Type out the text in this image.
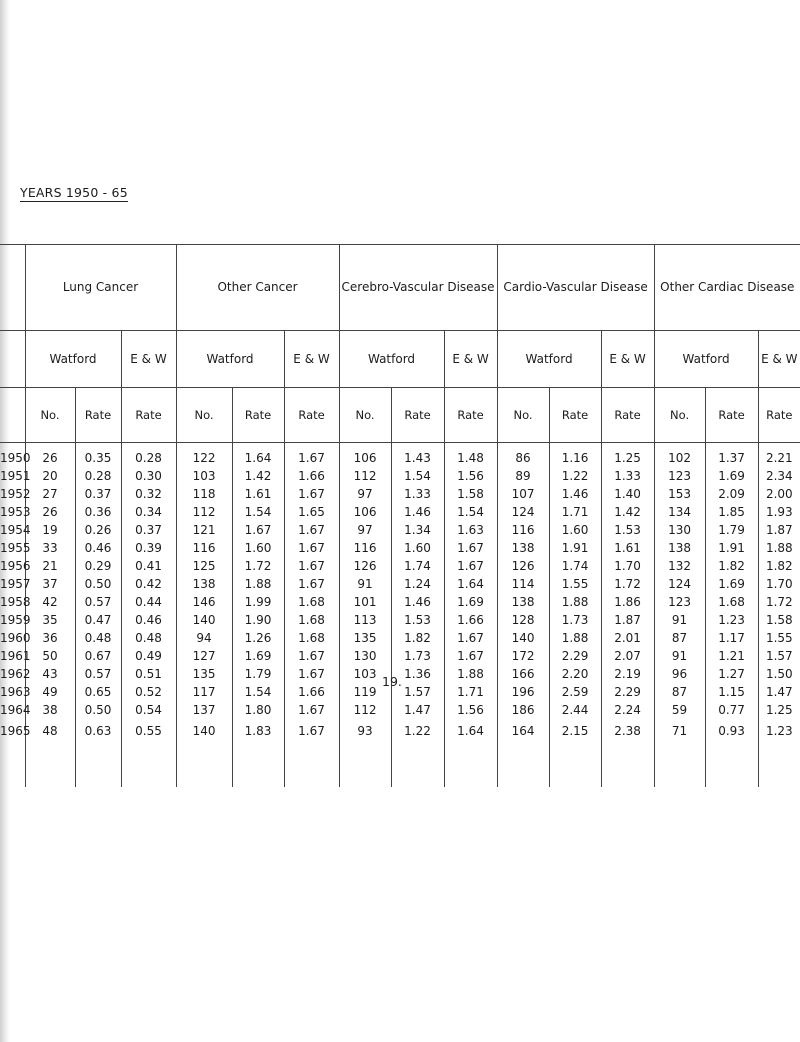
YEARS 1950 - 65
	Lung Cancer			Other Cancer			Cerebro-Vascular Disease			Cardio-Vascular Disease			Other Cardiac Disease		
	Watford		E & W	Watford		E & W	Watford		E & W	Watford		E & W	Watford		E & W
	No.	Rate	Rate	No.	Rate	Rate	No.	Rate	Rate	No.	Rate	Rate	No.	Rate	Rate
1950	26	0.35	0.28	122	1.64	1.67	106	1.43	1.48	86	1.16	1.25	102	1.37	2.21
1951	20	0.28	0.30	103	1.42	1.66	112	1.54	1.56	89	1.22	1.33	123	1.69	2.34
1952	27	0.37	0.32	118	1.61	1.67	97	1.33	1.58	107	1.46	1.40	153	2.09	2.00
1953	26	0.36	0.34	112	1.54	1.65	106	1.46	1.54	124	1.71	1.42	134	1.85	1.93
1954	19	0.26	0.37	121	1.67	1.67	97	1.34	1.63	116	1.60	1.53	130	1.79	1.87
1955	33	0.46	0.39	116	1.60	1.67	116	1.60	1.67	138	1.91	1.61	138	1.91	1.88
1956	21	0.29	0.41	125	1.72	1.67	126	1.74	1.67	126	1.74	1.70	132	1.82	1.82
1957	37	0.50	0.42	138	1.88	1.67	91	1.24	1.64	114	1.55	1.72	124	1.69	1.70
1958	42	0.57	0.44	146	1.99	1.68	101	1.46	1.69	138	1.88	1.86	123	1.68	1.72
1959	35	0.47	0.46	140	1.90	1.68	113	1.53	1.66	128	1.73	1.87	91	1.23	1.58
1960	36	0.48	0.48	94	1.26	1.68	135	1.82	1.67	140	1.88	2.01	87	1.17	1.55
1961	50	0.67	0.49	127	1.69	1.67	130	1.73	1.67	172	2.29	2.07	91	1.21	1.57
1962	43	0.57	0.51	135	1.79	1.67	103	1.36	1.88	166	2.20	2.19	96	1.27	1.50
1963	49	0.65	0.52	117	1.54	1.66	119	1.57	1.71	196	2.59	2.29	87	1.15	1.47
1964	38	0.50	0.54	137	1.80	1.67	112	1.47	1.56	186	2.44	2.24	59	0.77	1.25
1965	48	0.63	0.55	140	1.83	1.67	93	1.22	1.64	164	2.15	2.38	71	0.93	1.23

19.
